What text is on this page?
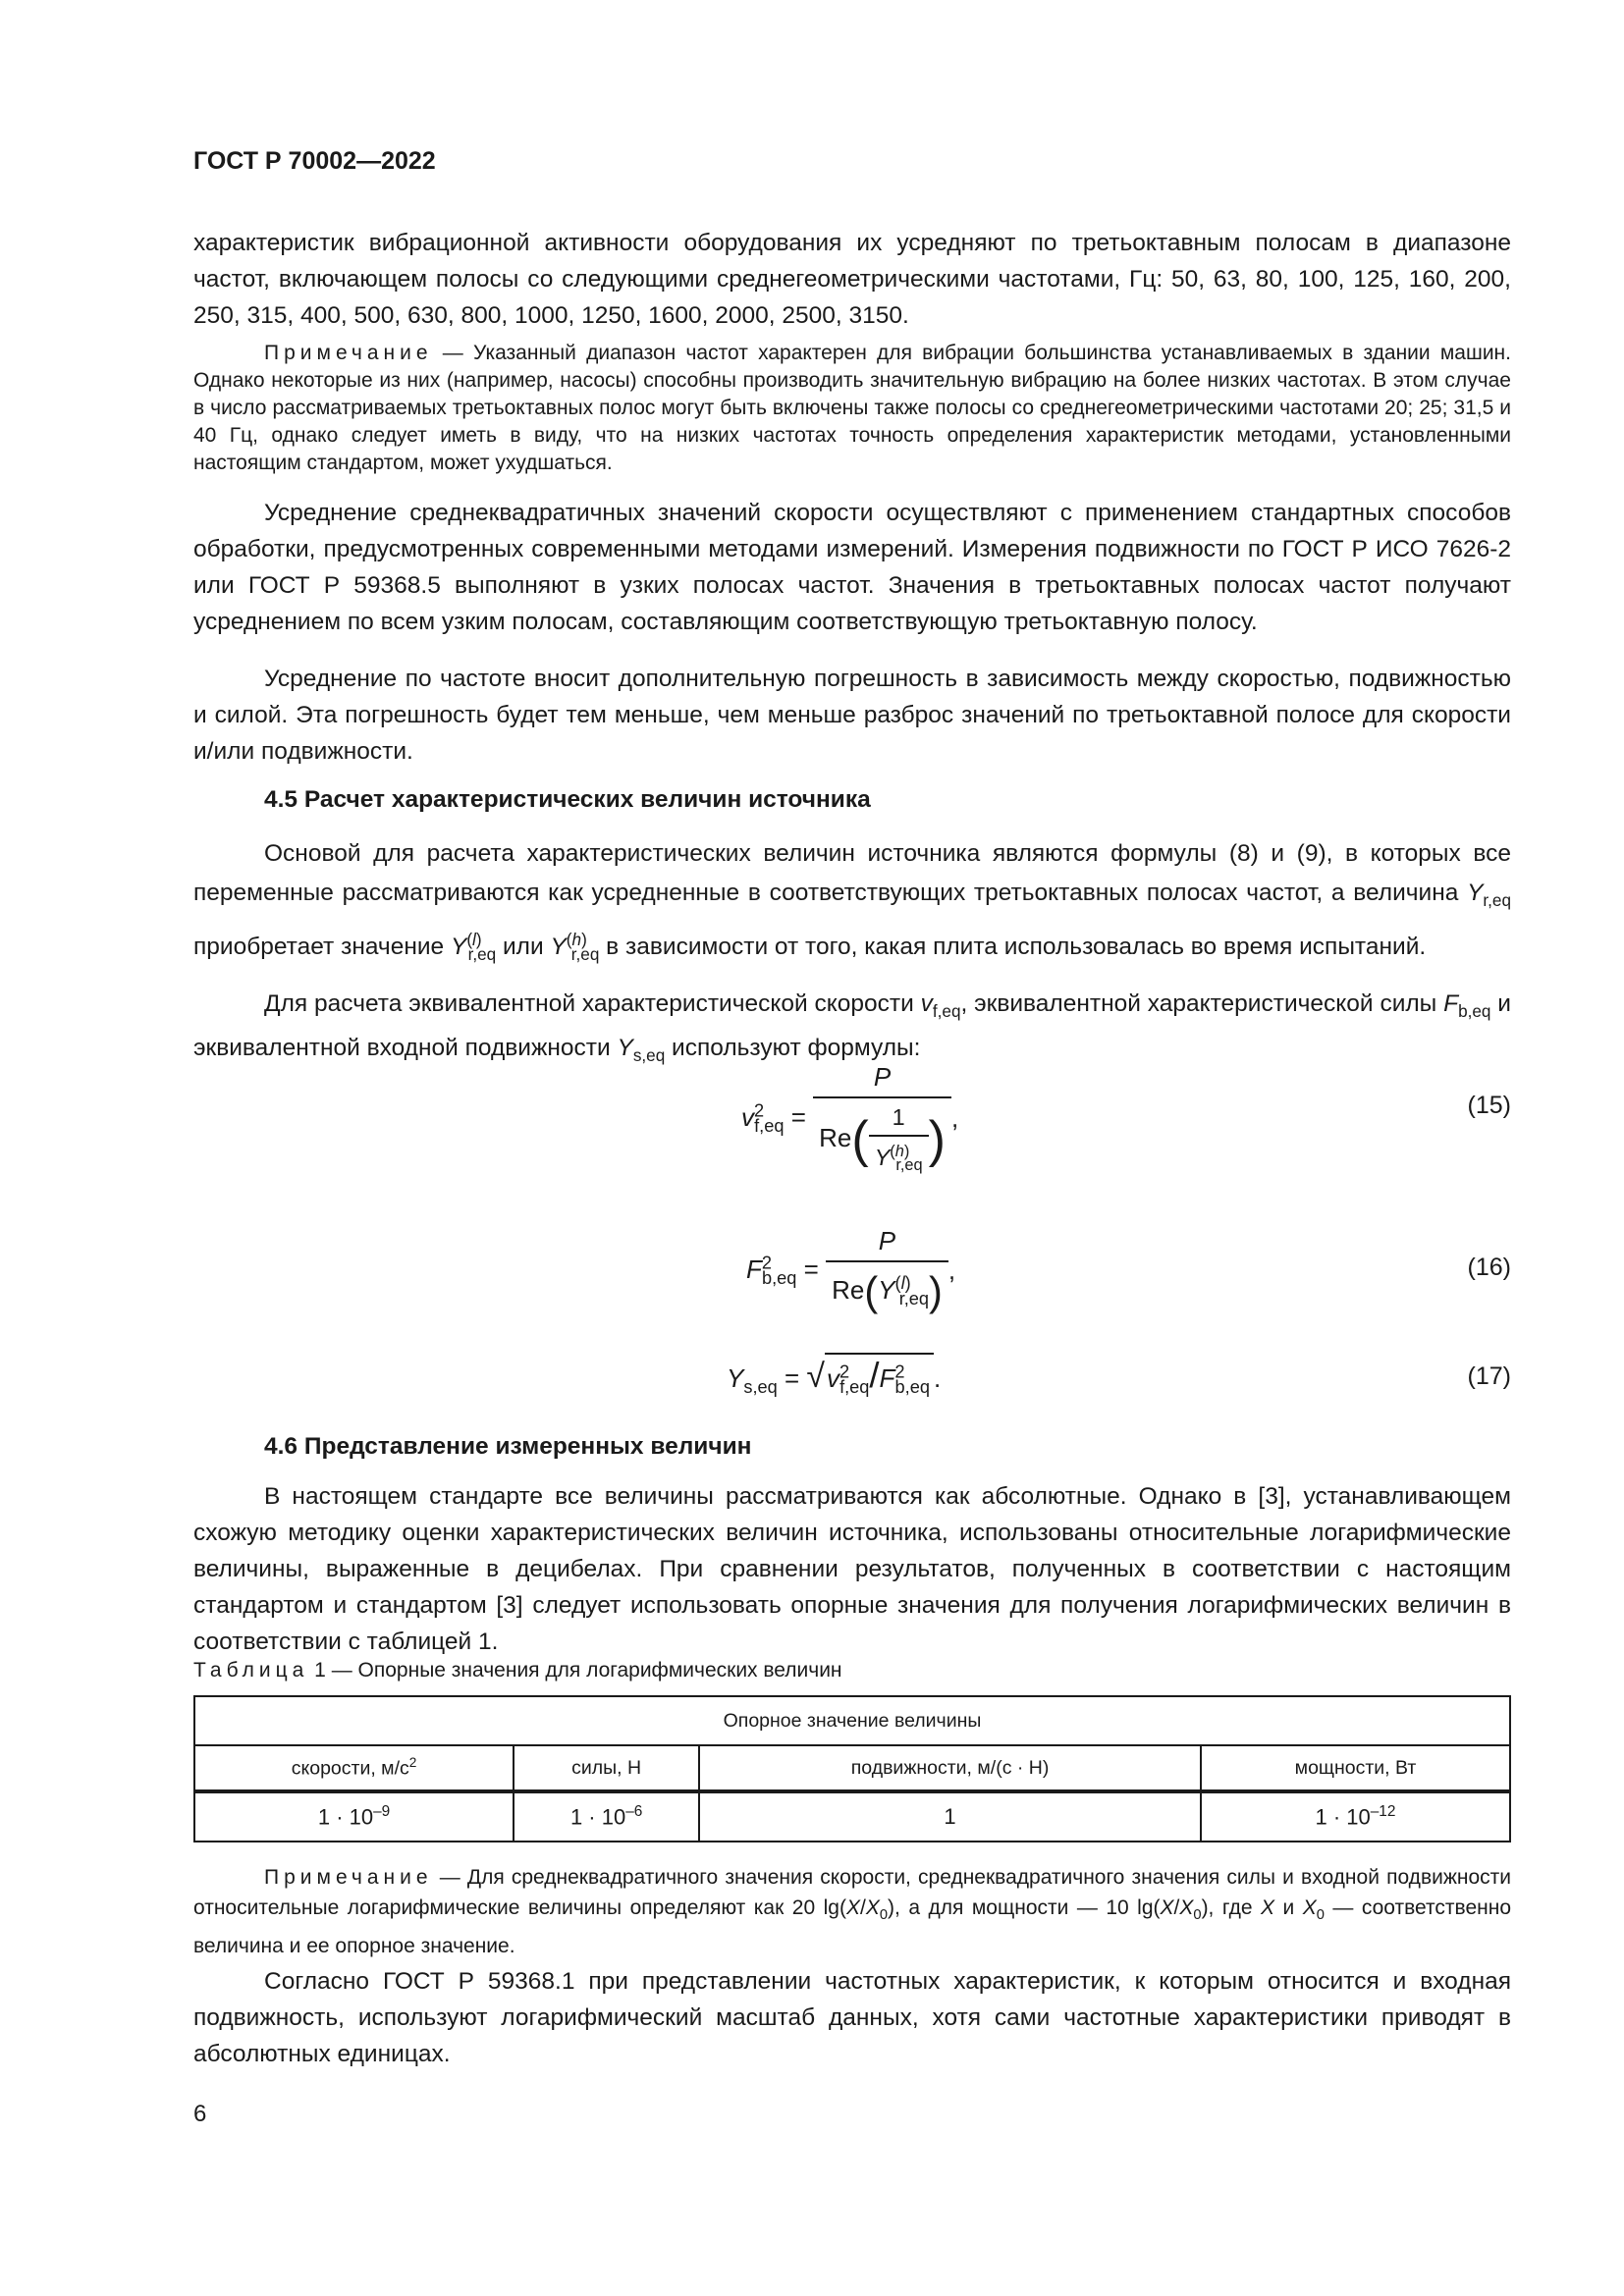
ГОСТ Р 70002—2022

характеристик вибрационной активности оборудования их усредняют по третьоктавным полосам в диапазоне частот, включающем полосы со следующими среднегеометрическими частотами, Гц: 50, 63, 80, 100, 125, 160, 200, 250, 315, 400, 500, 630, 800, 1000, 1250, 1600, 2000, 2500, 3150.

Примечание — Указанный диапазон частот характерен для вибрации большинства устанавливаемых в здании машин. Однако некоторые из них (например, насосы) способны производить значительную вибрацию на более низких частотах. В этом случае в число рассматриваемых третьоктавных полос могут быть включены также полосы со среднегеометрическими частотами 20; 25; 31,5 и 40 Гц, однако следует иметь в виду, что на низких частотах точность определения характеристик методами, установленными настоящим стандартом, может ухудшаться.

Усреднение среднеквадратичных значений скорости осуществляют с применением стандартных способов обработки, предусмотренных современными методами измерений. Измерения подвижности по ГОСТ Р ИСО 7626-2 или ГОСТ Р 59368.5 выполняют в узких полосах частот. Значения в третьоктавных полосах частот получают усреднением по всем узким полосам, составляющим соответствующую третьоктавную полосу.

Усреднение по частоте вносит дополнительную погрешность в зависимость между скоростью, подвижностью и силой. Эта погрешность будет тем меньше, чем меньше разброс значений по третьоктавной полосе для скорости и/или подвижности.

4.5 Расчет характеристических величин источника

Основой для расчета характеристических величин источника являются формулы (8) и (9), в которых все переменные рассматриваются как усредненные в соответствующих третьоктавных полосах частот, а величина $Y_{r,eq}$ приобретает значение $Y^{(l)}_{r,eq}$ или $Y^{(h)}_{r,eq}$ в зависимости от того, какая плита использовалась во время испытаний.

Для расчета эквивалентной характеристической скорости $v_{f,eq}$, эквивалентной характеристической силы $F_{b,eq}$ и эквивалентной входной подвижности $Y_{s,eq}$ используют формулы:

$v^2_{f,eq} = \frac{P}{Re( \frac{1}{Y^{(h)}_{r,eq}} )}$ ,	(15)
$F^2_{b,eq} = \frac{P}{Re(Y^{(l)}_{r,eq})}$ ,	(16)
$Y_{s,eq} = √v^2_{f,eq}/F^2_{b,eq}$ .	(17)
4.6 Представление измеренных величин

В настоящем стандарте все величины рассматриваются как абсолютные. Однако в [3], устанавливающем схожую методику оценки характеристических величин источника, использованы относительные логарифмические величины, выраженные в децибелах. При сравнении результатов, полученных в соответствии с настоящим стандартом и стандартом [3] следует использовать опорные значения для получения логарифмических величин в соответствии с таблицей 1.

Таблица 1 — Опорные значения для логарифмических величин
Опорное значение величины			
скорости, $м/с^2$	силы, Н	подвижности, м/(с · Н)	мощности, Вт
$1 \cdot 10^{-9}$	$1 \cdot 10^{-6}$	1	$1 \cdot 10^{-12}$

Примечание — Для среднеквадратичного значения скорости, среднеквадратичного значения силы и входной подвижности относительные логарифмические величины определяют как 20 $\lg(X/X_0)$, а для мощности — 10 $\lg(X/X_0)$, где X и $X_0$ — соответственно величина и ее опорное значение.

Согласно ГОСТ Р 59368.1 при представлении частотных характеристик, к которым относится и входная подвижность, используют логарифмический масштаб данных, хотя сами частотные характеристики приводят в абсолютных единицах.

6
